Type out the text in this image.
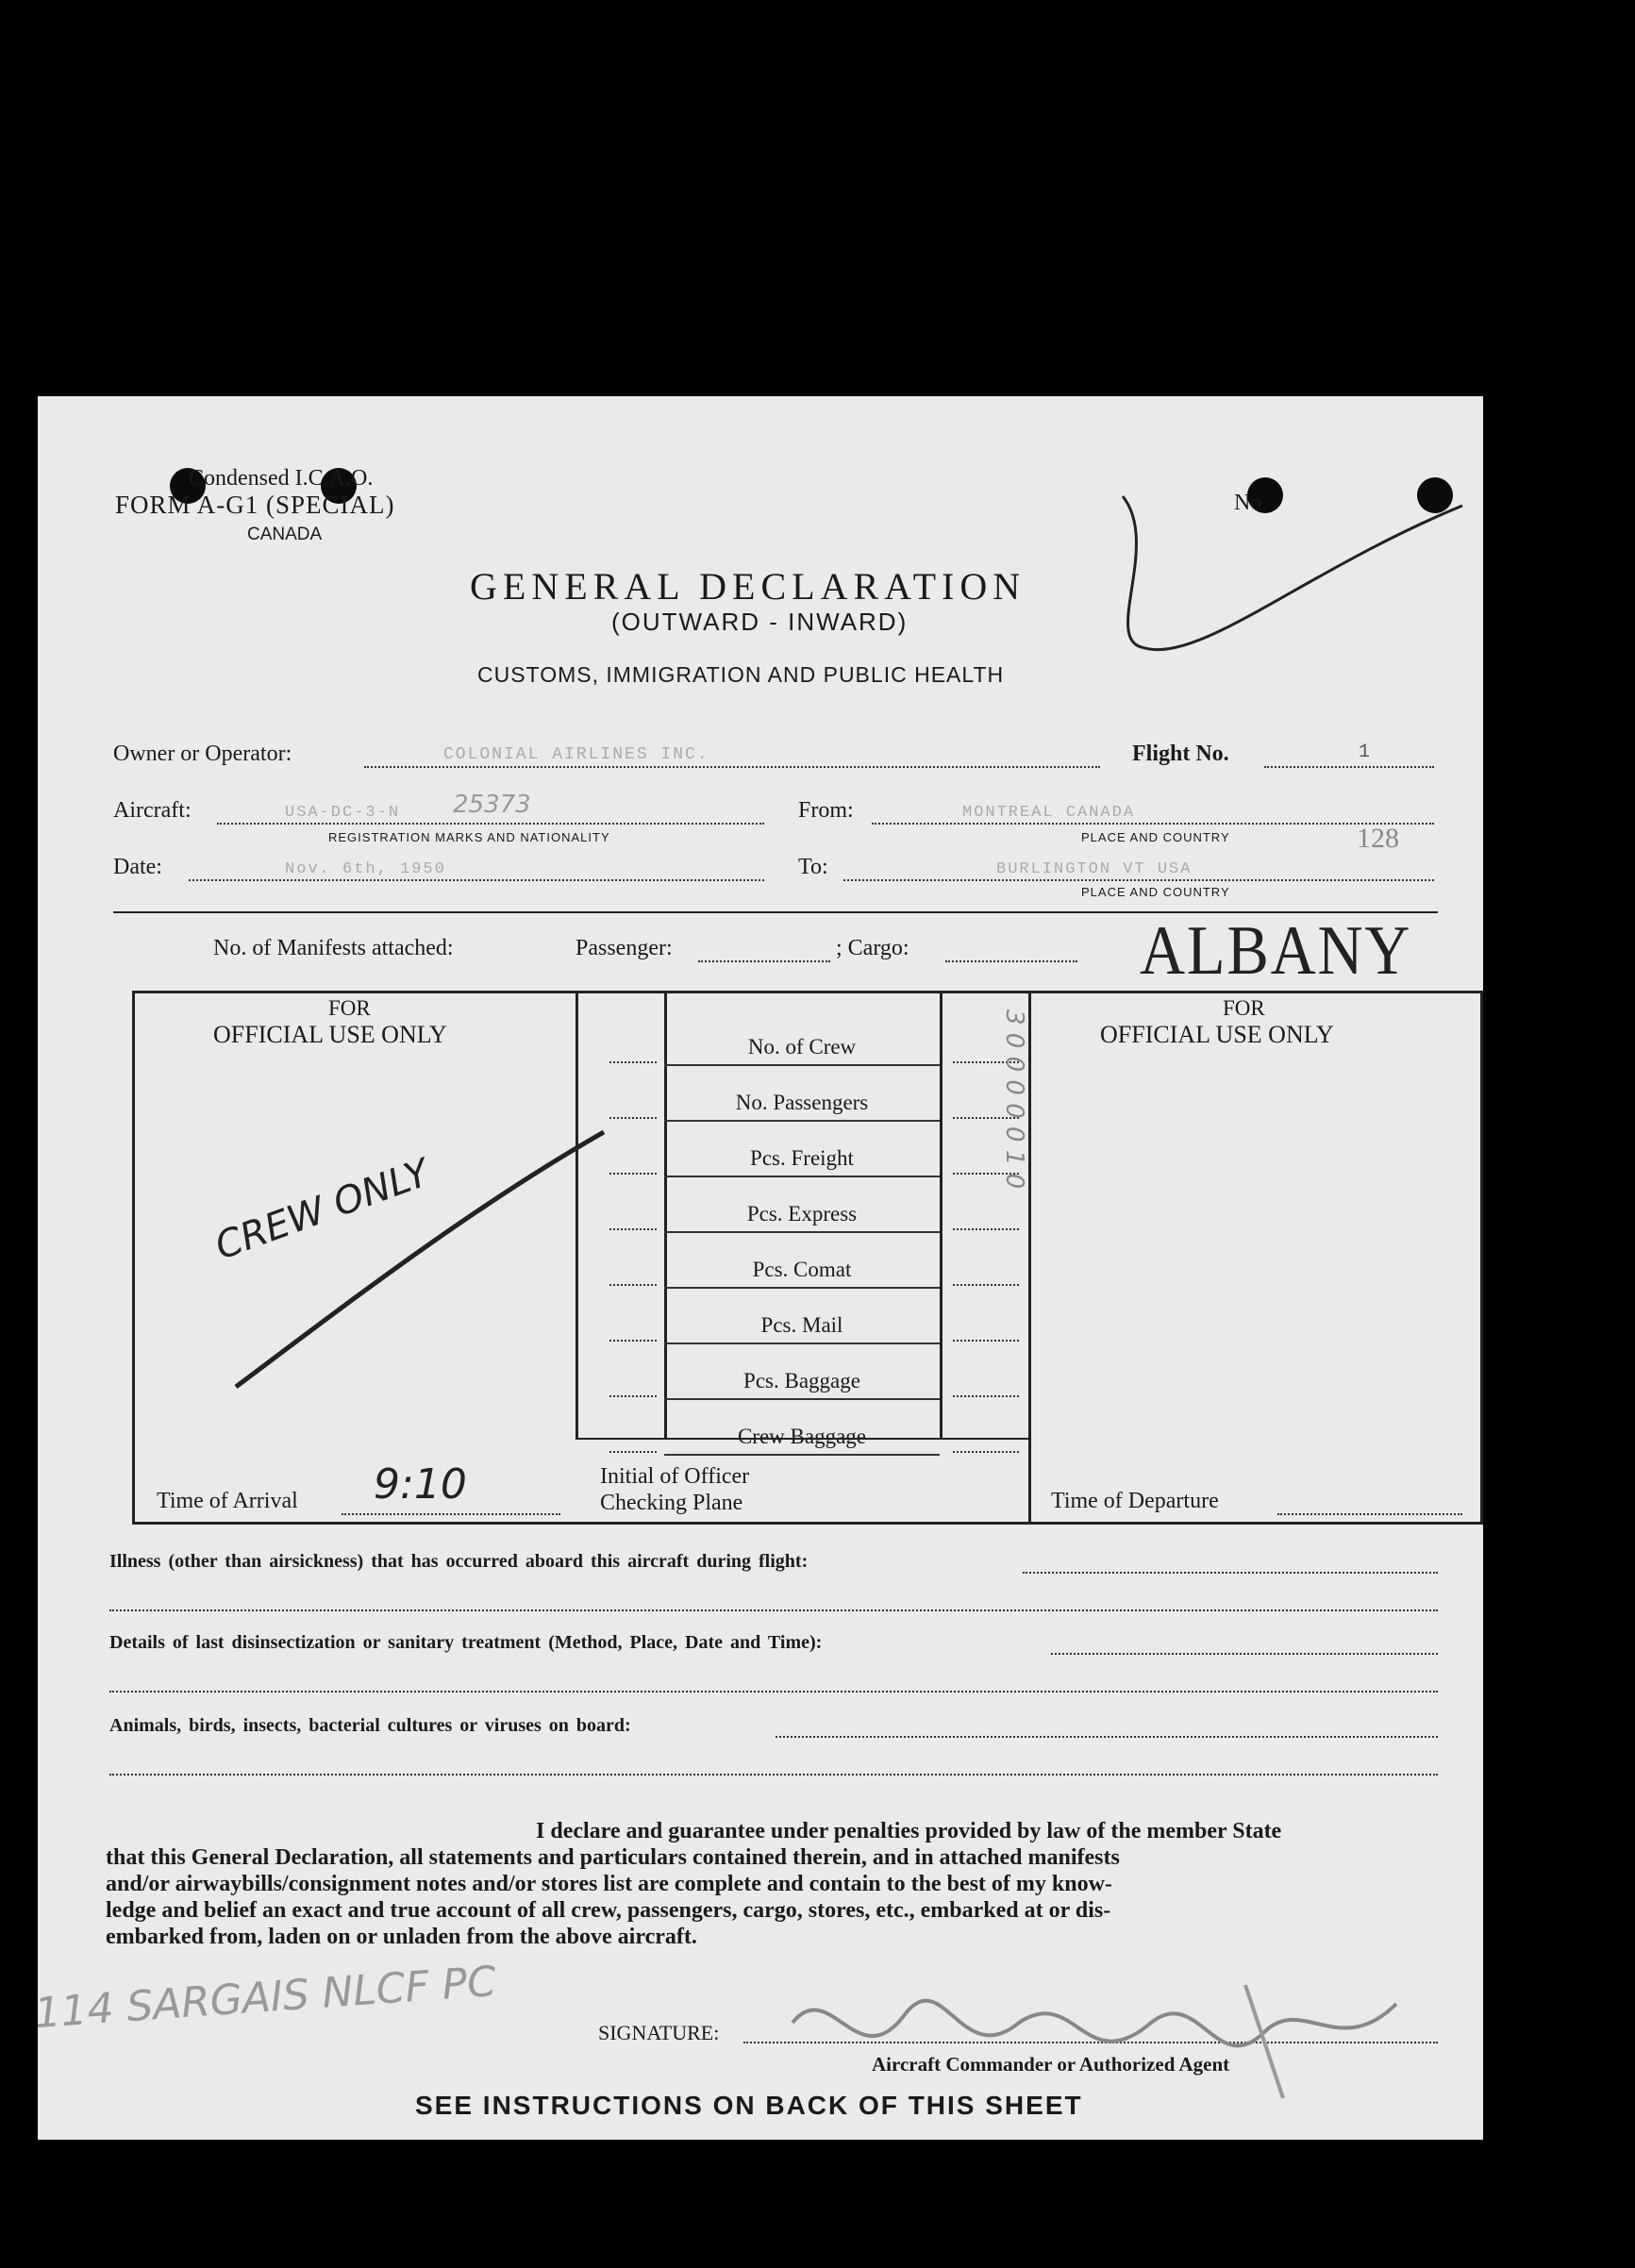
Condensed I.C.A.O.
FORM A-G1 (SPECIAL)
CANADA
No.
GENERAL DECLARATION
(OUTWARD - INWARD)
CUSTOMS, IMMIGRATION AND PUBLIC HEALTH
Owner or Operator:	COLONIAL AIRLINES INC.	Flight No.	1
Aircraft:	USA-DC-3-N 25373
REGISTRATION MARKS AND NATIONALITY
From:	MONTREAL CANADA
PLACE AND COUNTRY	128
Date:	Nov. 6th, 1950	To:	BURLINGTON VT USA
PLACE AND COUNTRY
No. of Manifests attached:	Passenger:	; Cargo:	ALBANY
FOR
OFFICIAL USE ONLY
FOR
OFFICIAL USE ONLY
No. of Crew
No. Passengers
Pcs. Freight
Pcs. Express
Pcs. Comat
Pcs. Mail
Pcs. Baggage
Crew Baggage
CREW ONLY
3 0 0 0 0 0 1 0
Time of Arrival 9:10	Initial of Officer
Checking Plane	Time of Departure
Illness (other than airsickness) that has occurred aboard this aircraft during flight:
Details of last disinsectization or sanitary treatment (Method, Place, Date and Time):
Animals, birds, insects, bacterial cultures or viruses on board:
I declare and guarantee under penalties provided by law of the member State
that this General Declaration, all statements and particulars contained therein, and in attached manifests
and/or airwaybills/consignment notes and/or stores list are complete and contain to the best of my know-
ledge and belief an exact and true account of all crew, passengers, cargo, stores, etc., embarked at or dis-
embarked from, laden on or unladen from the above aircraft.
114 SARGAIS NLCF PC	SIGNATURE:
Aircraft Commander or Authorized Agent
SEE INSTRUCTIONS ON BACK OF THIS SHEET
